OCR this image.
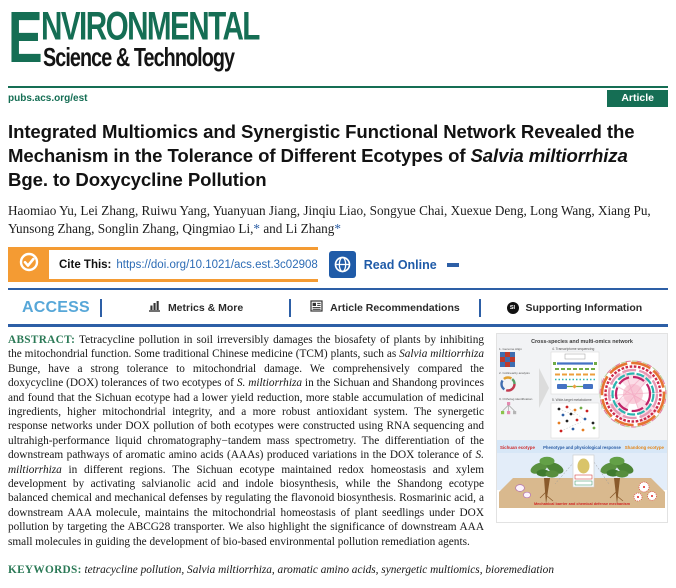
E
NVIRONMENTAL
Science & Technology
pubs.acs.org/est	Article
Integrated Multiomics and Synergistic Functional Network Revealed the Mechanism in the Tolerance of Different Ecotypes of Salvia miltiorrhiza Bge. to Doxycycline Pollution

Haomiao Yu, Lei Zhang, Ruiwu Yang, Yuanyuan Jiang, Jinqiu Liao, Songyue Chai, Xuexue Deng, Long Wang, Xiang Pu, Yunsong Zhang, Songlin Zhang, Qingmiao Li,* and Li Zhang*

Cite This: https://doi.org/10.1021/acs.est.3c02908	Read Online
ACCESS	Metrics & More	Article Recommendations	SI Supporting Information
Cross-species and multi-omics network
1. Genome Align
2. Collinearity analysis
3. Ortholog identification
4. Transcriptome sequencing
5. Wide-target metabolome
Sichuan ecotype Phenotype and physiological response Shandong ecotype
Mechanical barrier and chemical defense mechanism
ABSTRACT: Tetracycline pollution in soil irreversibly damages the biosafety of plants by inhibiting the mitochondrial function. Some traditional Chinese medicine (TCM) plants, such as Salvia miltiorrhiza Bunge, have a strong tolerance to mitochondrial damage. We comprehensively compared the doxycycline (DOX) tolerances of two ecotypes of S. miltiorrhiza in the Sichuan and Shandong provinces and found that the Sichuan ecotype had a lower yield reduction, more stable accumulation of medicinal ingredients, higher mitochondrial integrity, and a more robust antioxidant system. The synergetic response networks under DOX pollution of both ecotypes were constructed using RNA sequencing and ultrahigh-performance liquid chromatography−tandem mass spectrometry. The differentiation of the downstream pathways of aromatic amino acids (AAAs) produced variations in the DOX tolerance of S. miltiorrhiza in different regions. The Sichuan ecotype maintained redox homeostasis and xylem development by activating salvianolic acid and indole biosynthesis, while the Shandong ecotype balanced chemical and mechanical defenses by regulating the flavonoid biosynthesis. Rosmarinic acid, a downstream AAA molecule, maintains the mitochondrial homeostasis of plant seedlings under DOX pollution by targeting the ABCG28 transporter. We also highlight the significance of downstream AAA small molecules in guiding the development of bio-based environmental pollution remediation agents.

KEYWORDS: tetracycline pollution, Salvia miltiorrhiza, aromatic amino acids, synergetic multiomics, bioremediation
